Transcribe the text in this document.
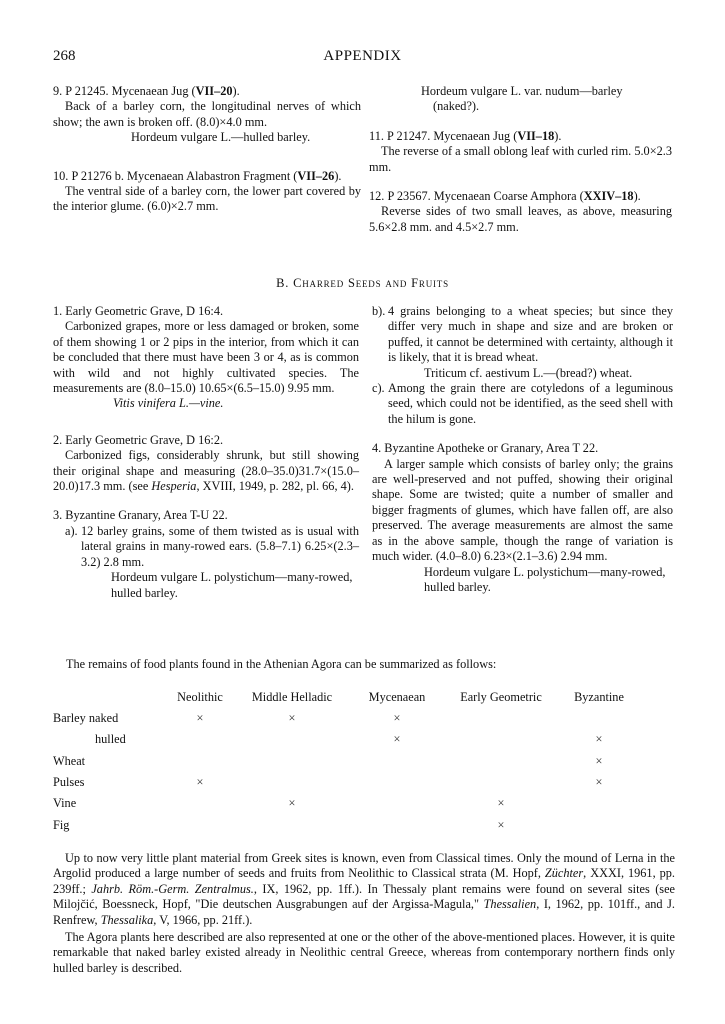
268	APPENDIX

9. P 21245. Mycenaean Jug (VII–20).

Back of a barley corn, the longitudinal nerves of which show; the awn is broken off. (8.0)×4.0 mm.

Hordeum vulgare L.—hulled barley.

10. P 21276 b. Mycenaean Alabastron Fragment (VII–26).

The ventral side of a barley corn, the lower part covered by the interior glume. (6.0)×2.7 mm.

Hordeum vulgare L. var. nudum—barley

(naked?).

11. P 21247. Mycenaean Jug (VII–18).

The reverse of a small oblong leaf with curled rim. 5.0×2.3 mm.

12. P 23567. Mycenaean Coarse Amphora (XXIV–18).

Reverse sides of two small leaves, as above, measuring 5.6×2.8 mm. and 4.5×2.7 mm.

B. Charred Seeds and Fruits

1. Early Geometric Grave, D 16:4.

Carbonized grapes, more or less damaged or broken, some of them showing 1 or 2 pips in the interior, from which it can be concluded that there must have been 3 or 4, as is common with wild and not highly cultivated species. The measurements are (8.0–15.0) 10.65×(6.5–15.0) 9.95 mm.

Vitis vinifera L.—vine.

2. Early Geometric Grave, D 16:2.

Carbonized figs, considerably shrunk, but still showing their original shape and measuring (28.0–35.0)31.7×(15.0–20.0)17.3 mm. (see Hesperia, XVIII, 1949, p. 282, pl. 66, 4).

3. Byzantine Granary, Area T-U 22.

a). 12 barley grains, some of them twisted as is usual with lateral grains in many-rowed ears. (5.8–7.1) 6.25×(2.3–3.2) 2.8 mm.

Hordeum vulgare L. polystichum—many-rowed, hulled barley.

b). 4 grains belonging to a wheat species; but since they differ very much in shape and size and are broken or puffed, it cannot be determined with certainty, although it is likely, that it is bread wheat.

Triticum cf. aestivum L.—(bread?) wheat.

c). Among the grain there are cotyledons of a leguminous seed, which could not be identified, as the seed shell with the hilum is gone.

4. Byzantine Apotheke or Granary, Area T 22.

A larger sample which consists of barley only; the grains are well-preserved and not puffed, showing their original shape. Some are twisted; quite a number of smaller and bigger fragments of glumes, which have fallen off, are also preserved. The average measurements are almost the same as in the above sample, though the range of variation is much wider. (4.0–8.0) 6.23×(2.1–3.6) 2.94 mm.

Hordeum vulgare L. polystichum—many-rowed, hulled barley.

The remains of food plants found in the Athenian Agora can be summarized as follows:
	Neolithic	Middle Helladic	Mycenaean	Early Geometric	Byzantine
Barley naked	×	×	×		
hulled			×		×
Wheat					×
Pulses	×				×
Vine		×		×	
Fig				×	

Up to now very little plant material from Greek sites is known, even from Classical times. Only the mound of Lerna in the Argolid produced a large number of seeds and fruits from Neolithic to Classical strata (M. Hopf, Züchter, XXXI, 1961, pp. 239ff.; Jahrb. Röm.-Germ. Zentralmus., IX, 1962, pp. 1ff.). In Thessaly plant remains were found on several sites (see Milojčić, Boessneck, Hopf, "Die deutschen Ausgrabungen auf der Argissa-Magula," Thessalien, I, 1962, pp. 101ff., and J. Renfrew, Thessalika, V, 1966, pp. 21ff.).

The Agora plants here described are also represented at one or the other of the above-mentioned places. However, it is quite remarkable that naked barley existed already in Neolithic central Greece, whereas from contemporary northern finds only hulled barley is described.
